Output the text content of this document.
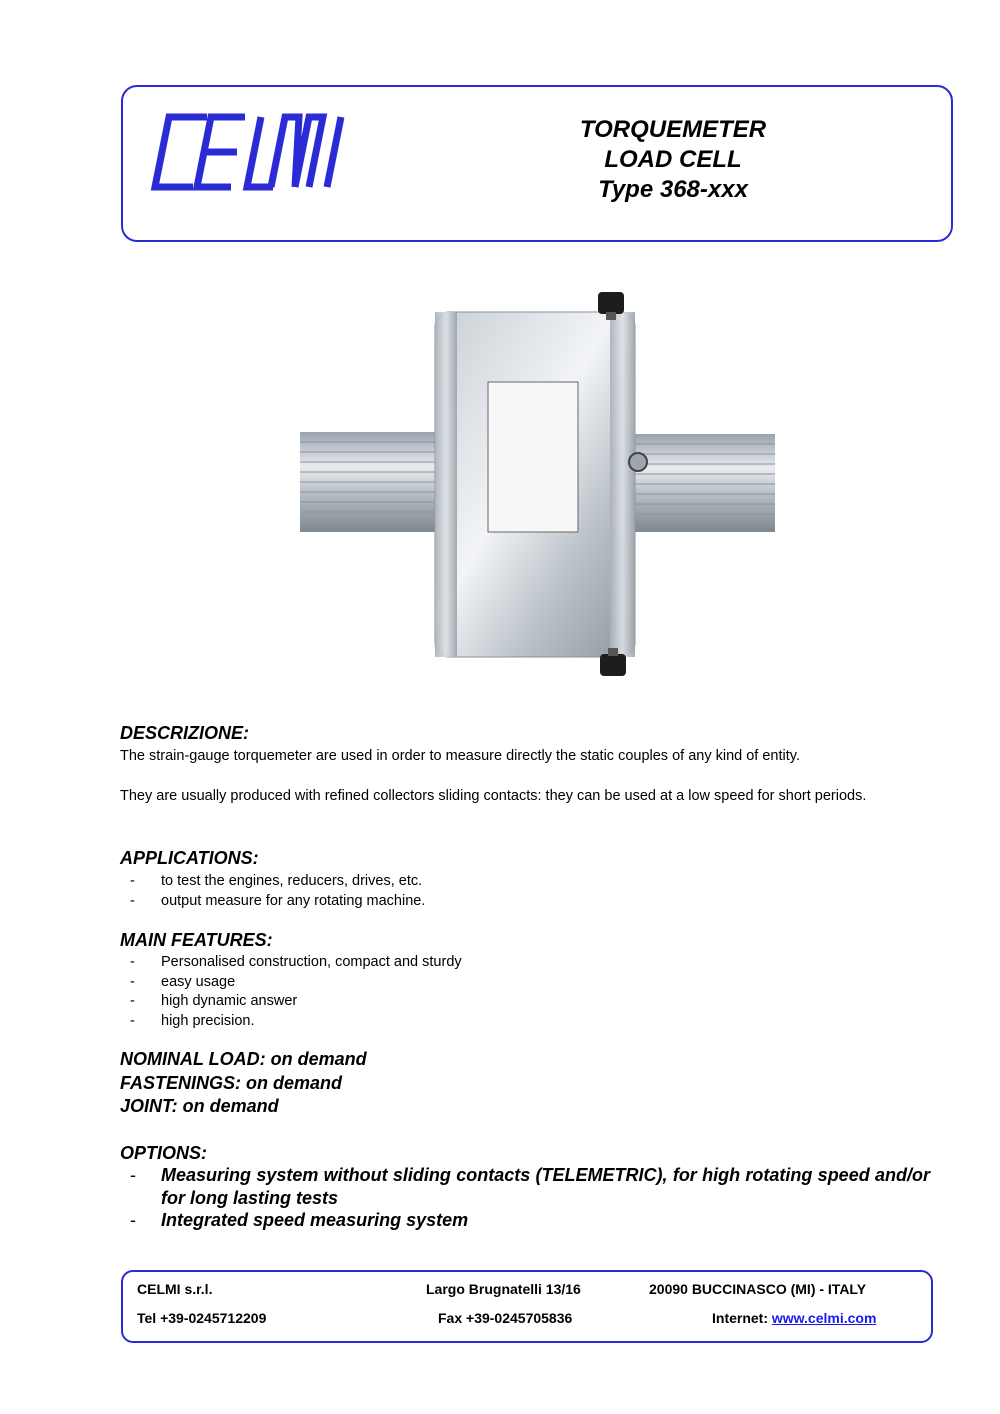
TORQUEMETER
LOAD CELL
Type 368-xxx
DESCRIZIONE:
The strain-gauge torquemeter are used in order to measure directly the static couples of any kind of entity.
They are usually produced with refined collectors sliding contacts: they can be used at a low speed for short periods.
APPLICATIONS:
- to test the engines, reducers, drives, etc.
- output measure for any rotating machine.
MAIN FEATURES:
- Personalised construction, compact and sturdy
- easy usage
- high dynamic answer
- high precision.
NOMINAL LOAD: on demand
FASTENINGS: on demand
JOINT: on demand
OPTIONS:
- Measuring system without sliding contacts (TELEMETRIC), for high rotating speed and/or for long lasting tests
- Integrated speed measuring system
CELMI s.r.l.	Largo Brugnatelli 13/16	20090 BUCCINASCO (MI) - ITALY
Tel +39-0245712209	Fax +39-0245705836	Internet: www.celmi.com
